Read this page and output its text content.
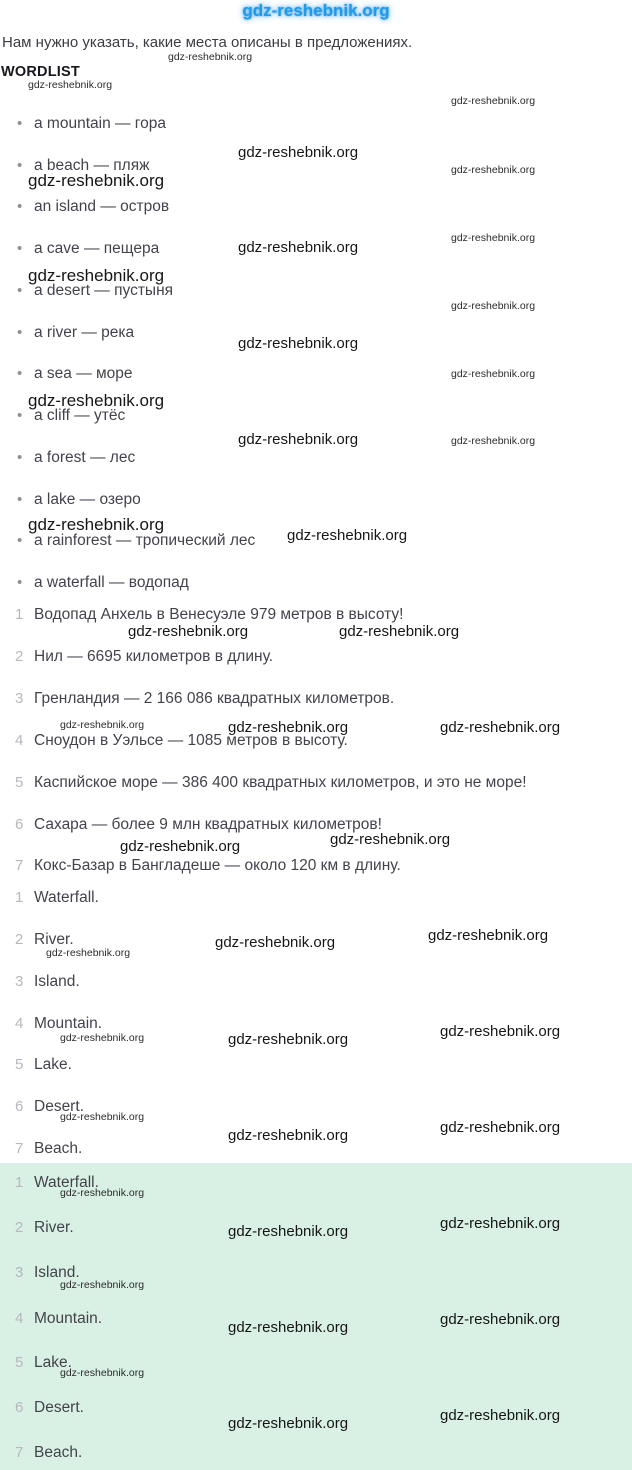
gdz-reshebnik.org

Нам нужно указать, какие места описаны в предложениях.

WORDLIST
•
a mountain — гора
•
a beach — пляж
•
an island — остров
•
a cave — пещера
•
a desert — пустыня
•
a river — река
•
a sea — море
•
a cliff — утёс
•
a forest — лес
•
a lake — озеро
•
a rainforest — тропический лес
•
a waterfall — водопад
1 Водопад Анхель в Венесуэле 979 метров в высоту!
2 Нил — 6695 километров в длину.
3 Гренландия — 2 166 086 квадратных километров.
4 Сноудон в Уэльсе — 1085 метров в высоту.
5 Каспийское море — 386 400 квадратных километров, и это не море!
6 Сахара — более 9 млн квадратных километров!
7 Кокс-Базар в Бангладеше — около 120 км в длину.
1 Waterfall.
2 River.
3 Island.
4 Mountain.
5 Lake.
6 Desert.
7 Beach.
1 Waterfall.
2 River.
3 Island.
4 Mountain.
5 Lake.
6 Desert.
7 Beach.
gdz-reshebnik.org
gdz-reshebnik.org
gdz-reshebnik.org
gdz-reshebnik.org
gdz-reshebnik.org
gdz-reshebnik.org
gdz-reshebnik.org
gdz-reshebnik.org
gdz-reshebnik.org
gdz-reshebnik.org
gdz-reshebnik.org
gdz-reshebnik.org
gdz-reshebnik.org
gdz-reshebnik.org	gdz-reshebnik.org
gdz-reshebnik.org
gdz-reshebnik.org
gdz-reshebnik.org	gdz-reshebnik.org
gdz-reshebnik.org	gdz-reshebnik.org	gdz-reshebnik.org
gdz-reshebnik.org
gdz-reshebnik.org
gdz-reshebnik.org
gdz-reshebnik.org
gdz-reshebnik.org
gdz-reshebnik.org
gdz-reshebnik.org
gdz-reshebnik.org
gdz-reshebnik.org
gdz-reshebnik.org
gdz-reshebnik.org
gdz-reshebnik.org
gdz-reshebnik.org
gdz-reshebnik.org
gdz-reshebnik.org
gdz-reshebnik.org
gdz-reshebnik.org
gdz-reshebnik.org
gdz-reshebnik.org
gdz-reshebnik.org
